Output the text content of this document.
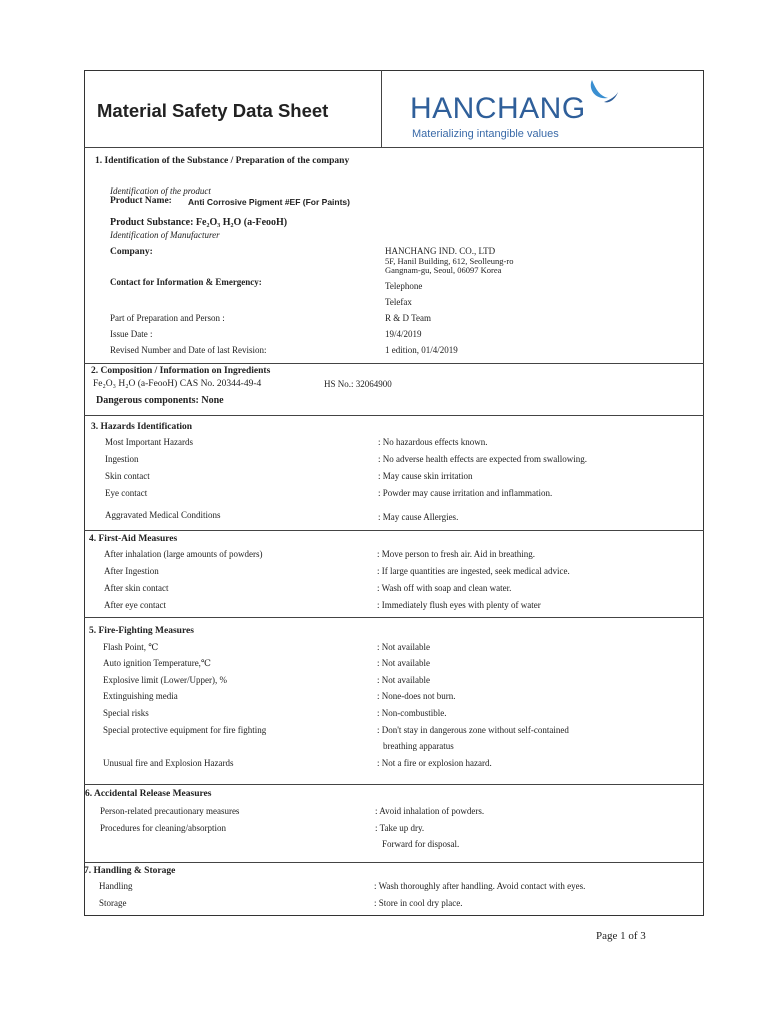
Material Safety Data Sheet	HANCHANG
Materializing intangible values
1. Identification of the Substance / Preparation of the company
Identification of the product
Product Name: Anti Corrosive Pigment #EF (For Paints)
Product Substance: Fe₂O₃ H₂O (a-FeooH)
Identification of Manufacturer
Company:	HANCHANG IND. CO., LTD
5F, Hanil Building, 612, Seolleung-ro
Gangnam-gu, Seoul, 06097 Korea
Contact for Information & Emergency:	Telephone
Telefax
Part of Preparation and Person :	R & D Team
Issue Date :	19/4/2019
Revised Number and Date of last Revision:	1 edition, 01/4/2019
2. Composition / Information on Ingredients
Fe₂O₃ H₂O (a-FeooH) CAS No. 20344-49-4	HS No.: 32064900
Dangerous components: None
3. Hazards Identification
Most Important Hazards	: No hazardous effects known.
Ingestion	: No adverse health effects are expected from swallowing.
Skin contact	: May cause skin irritation
Eye contact	: Powder may cause irritation and inflammation.
Aggravated Medical Conditions	: May cause Allergies.
4. First-Aid Measures
After inhalation (large amounts of powders)	: Move person to fresh air. Aid in breathing.
After Ingestion	: If large quantities are ingested, seek medical advice.
After skin contact	: Wash off with soap and clean water.
After eye contact	: Immediately flush eyes with plenty of water
5. Fire-Fighting Measures
Flash Point, ℃	: Not available
Auto ignition Temperature,℃	: Not available
Explosive limit (Lower/Upper), %	: Not available
Extinguishing media	: None-does not burn.
Special risks	: Non-combustible.
Special protective equipment for fire fighting	: Don't stay in dangerous zone without self-contained
breathing apparatus
Unusual fire and Explosion Hazards	: Not a fire or explosion hazard.
6. Accidental Release Measures
Person-related precautionary measures	: Avoid inhalation of powders.
Procedures for cleaning/absorption	: Take up dry.
Forward for disposal.
7. Handling & Storage
Handling	: Wash thoroughly after handling. Avoid contact with eyes.
Storage	: Store in cool dry place.
Page 1 of 3
